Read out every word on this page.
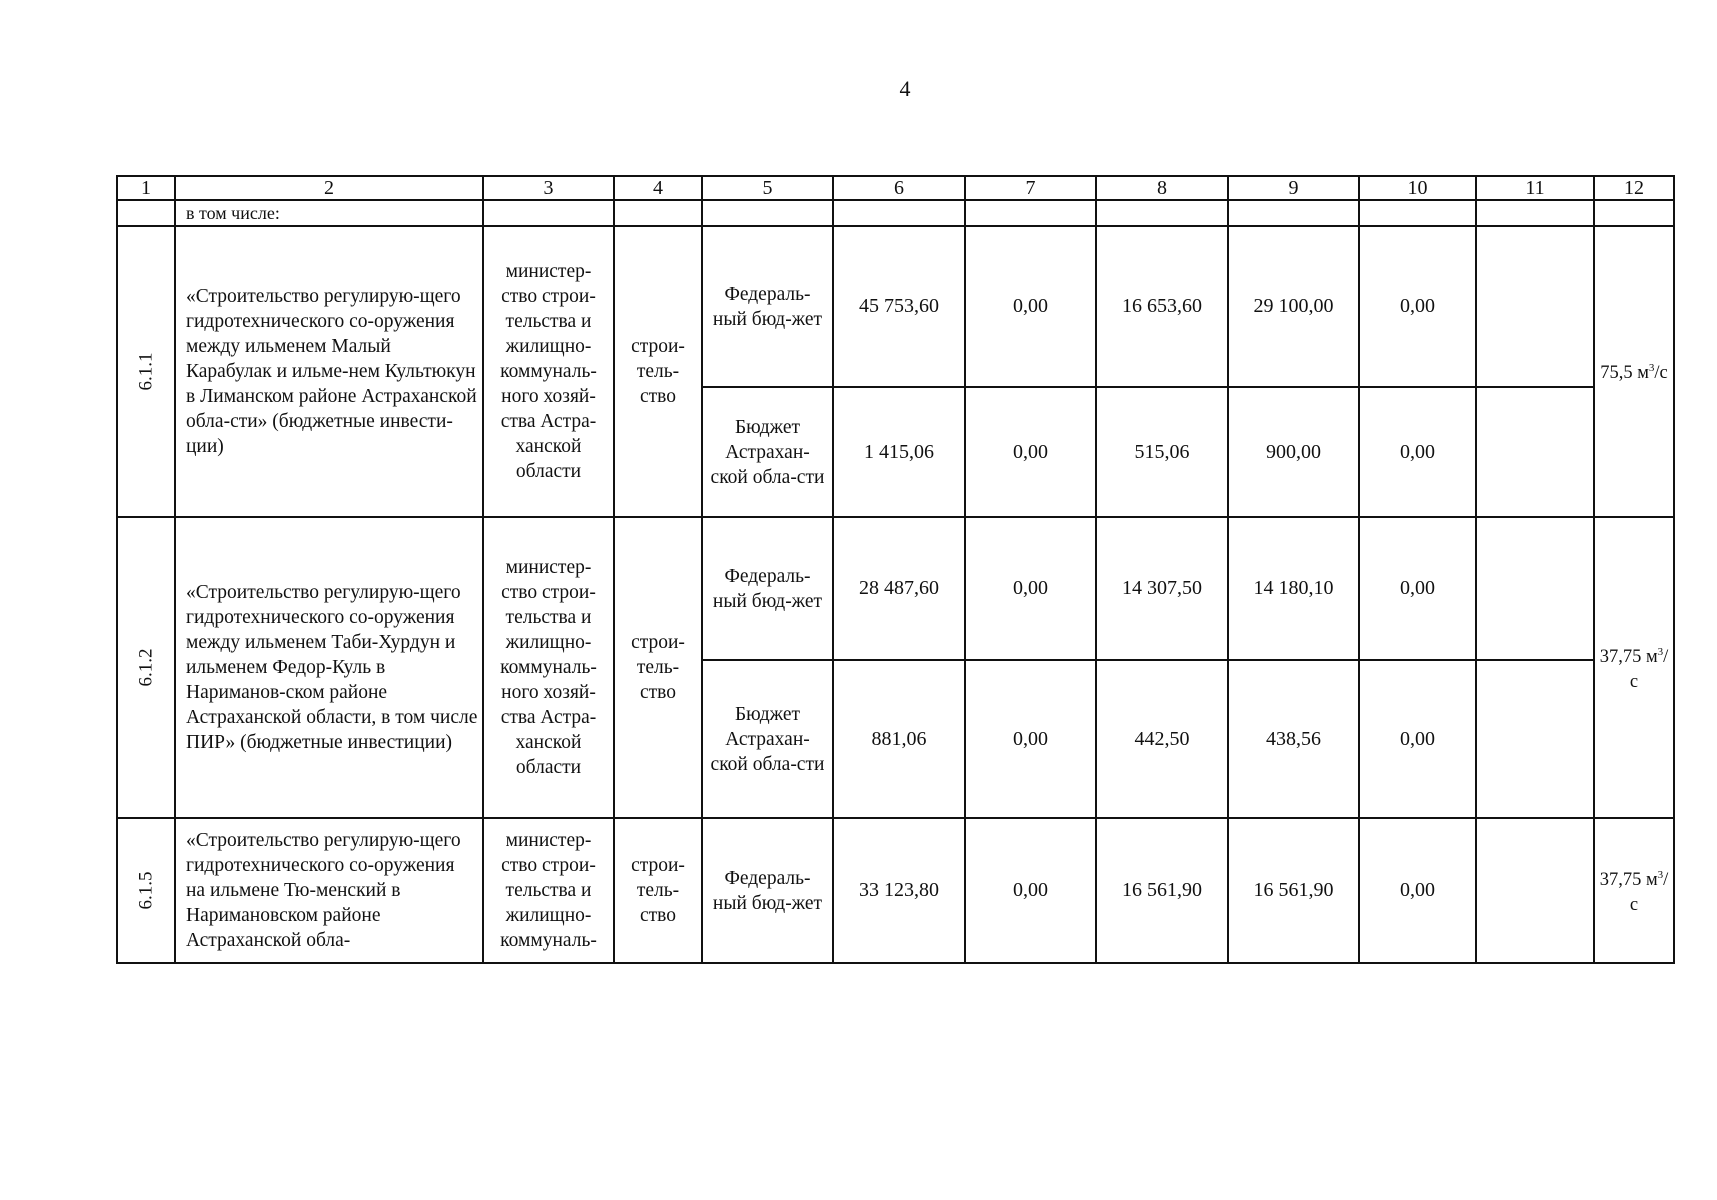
4
1	2	3	4	5	6	7	8	9	10	11	12
	в том числе:										
6.1.1	«Строительство регулирую-щего гидротехнического со-оружения между ильменем Малый Карабулак и ильме-нем Культюкун в Лиманском районе Астраханской обла-сти» (бюджетные инвести-ции)	министер-ство строи-тельства и жилищно-коммуналь-ного хозяй-ства Астра-ханской области	строи-тель-ство	Федераль-ный бюд-жет	45 753,60	0,00	16 653,60	29 100,00	0,00		75,5 $м^3/с$
				Бюджет Астрахан-ской обла-сти	1 415,06	0,00	515,06	900,00	0,00		
6.1.2	«Строительство регулирую-щего гидротехнического со-оружения между ильменем Таби-Хурдун и ильменем Федор-Куль в Нариманов-ском районе Астраханской области, в том числе ПИР» (бюджетные инвестиции)	министер-ство строи-тельства и жилищно-коммуналь-ного хозяй-ства Астра-ханской области	строи-тель-ство	Федераль-ный бюд-жет	28 487,60	0,00	14 307,50	14 180,10	0,00		37,75 $м^3/с$
				Бюджет Астрахан-ской обла-сти	881,06	0,00	442,50	438,56	0,00		
6.1.5	«Строительство регулирую-щего гидротехнического со-оружения на ильмене Тю-менский в Наримановском районе Астраханской обла-	министер-ство строи-тельства и жилищно-коммуналь-	строи-тель-ство	Федераль-ный бюд-жет	33 123,80	0,00	16 561,90	16 561,90	0,00		37,75 $м^3/с$
